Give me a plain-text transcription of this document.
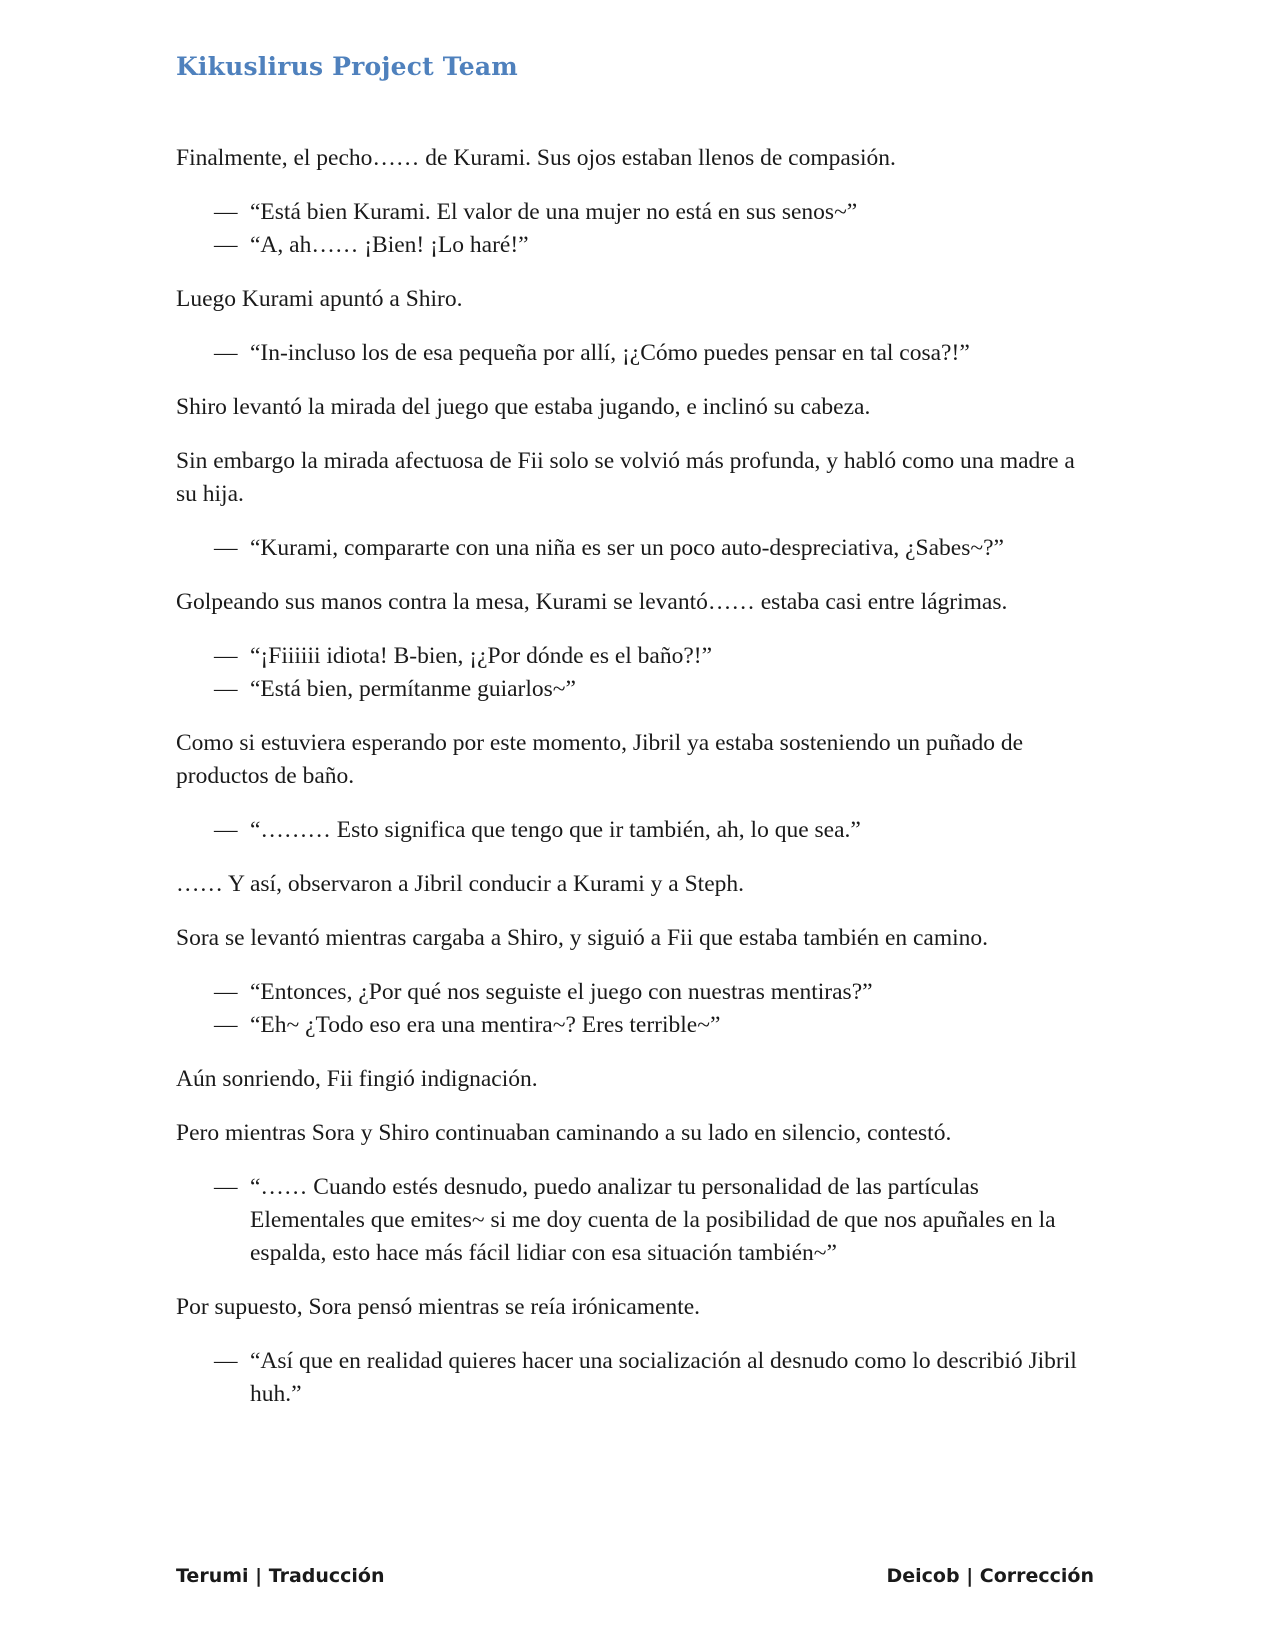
Kikuslirus Project Team

Finalmente, el pecho…… de Kurami. Sus ojos estaban llenos de compasión.

— “Está bien Kurami. El valor de una mujer no está en sus senos~”
— “A, ah…… ¡Bien! ¡Lo haré!”

Luego Kurami apuntó a Shiro.

— “In-incluso los de esa pequeña por allí, ¡¿Cómo puedes pensar en tal cosa?!”

Shiro levantó la mirada del juego que estaba jugando, e inclinó su cabeza.

Sin embargo la mirada afectuosa de Fii solo se volvió más profunda, y habló como una madre a su hija.

— “Kurami, compararte con una niña es ser un poco auto-despreciativa, ¿Sabes~?”

Golpeando sus manos contra la mesa, Kurami se levantó…… estaba casi entre lágrimas.

— “¡Fiiiiii idiota! B-bien, ¡¿Por dónde es el baño?!”
— “Está bien, permítanme guiarlos~”

Como si estuviera esperando por este momento, Jibril ya estaba sosteniendo un puñado de productos de baño.

— “……… Esto significa que tengo que ir también, ah, lo que sea.”

…… Y así, observaron a Jibril conducir a Kurami y a Steph.

Sora se levantó mientras cargaba a Shiro, y siguió a Fii que estaba también en camino.

— “Entonces, ¿Por qué nos seguiste el juego con nuestras mentiras?”
— “Eh~ ¿Todo eso era una mentira~? Eres terrible~”

Aún sonriendo, Fii fingió indignación.

Pero mientras Sora y Shiro continuaban caminando a su lado en silencio, contestó.

— “…… Cuando estés desnudo, puedo analizar tu personalidad de las partículas Elementales que emites~ si me doy cuenta de la posibilidad de que nos apuñales en la espalda, esto hace más fácil lidiar con esa situación también~”

Por supuesto, Sora pensó mientras se reía irónicamente.

— “Así que en realidad quieres hacer una socialización al desnudo como lo describió Jibril huh.”
Terumi | Traducción	Deicob | Corrección
